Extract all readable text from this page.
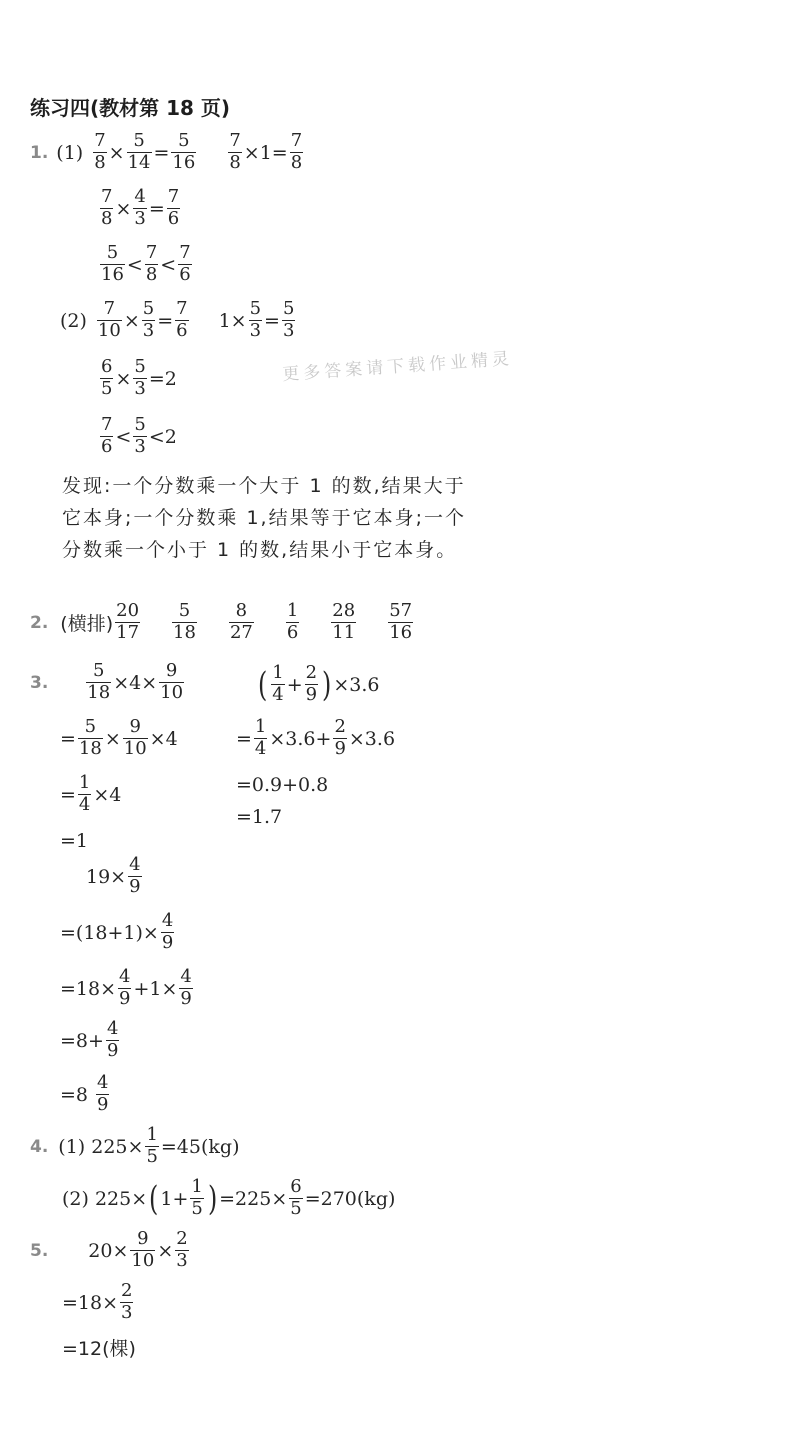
练习四(教材第 18 页)
更多答案请下载作业精灵
1. $(1) \frac{7}{8} \times \frac{5}{14} = \frac{5}{16} \frac{7}{8} \times 1 = \frac{7}{8}$
$\frac{7}{8} \times \frac{4}{3} = \frac{7}{6}$
$\frac{5}{16} < \frac{7}{8} < \frac{7}{6}$
$(2) \frac{7}{10} \times \frac{5}{3} = \frac{7}{6} 1 \times \frac{5}{3} = \frac{5}{3}$
$\frac{6}{5} \times \frac{5}{3} = 2$
$\frac{7}{6} < \frac{5}{3} < 2$
发现:一个分数乘一个大于 1 的数,结果大于它本身;一个分数乘 1,结果等于它本身;一个分数乘一个小于 1 的数,结果小于它本身。
2. (横排) $\frac{20}{17} \frac{5}{18} \frac{8}{27} \frac{1}{6} \frac{28}{11} \frac{57}{16}$
3. $\frac{5}{18} \times 4 \times \frac{9}{10}$
= $\frac{5}{18} \times \frac{9}{10} \times 4$
= $\frac{1}{4} \times 4$
= 1
( $\frac{1}{4} + \frac{2}{9}$ ) ×3.6
= $\frac{1}{4} \times 3.6+ \frac{2}{9} \times 3.6$
=0.9+0.8
=1.7
$19\times \frac{4}{9}$
$=(18+1)\times \frac{4}{9}$
$=18\times \frac{4}{9} +1\times \frac{4}{9}$
$=8+ \frac{4}{9}$
$=8 \frac{4}{9}$
4. (1) $225\times \frac{1}{5} =45(kg)$
(2) 225× ( $1+ \frac{1}{5}$ ) $=225\times \frac{6}{5} =270(kg)$
5. $20\times \frac{9}{10} \times \frac{2}{3}$
$=18\times \frac{2}{3}$
=12(棵)
